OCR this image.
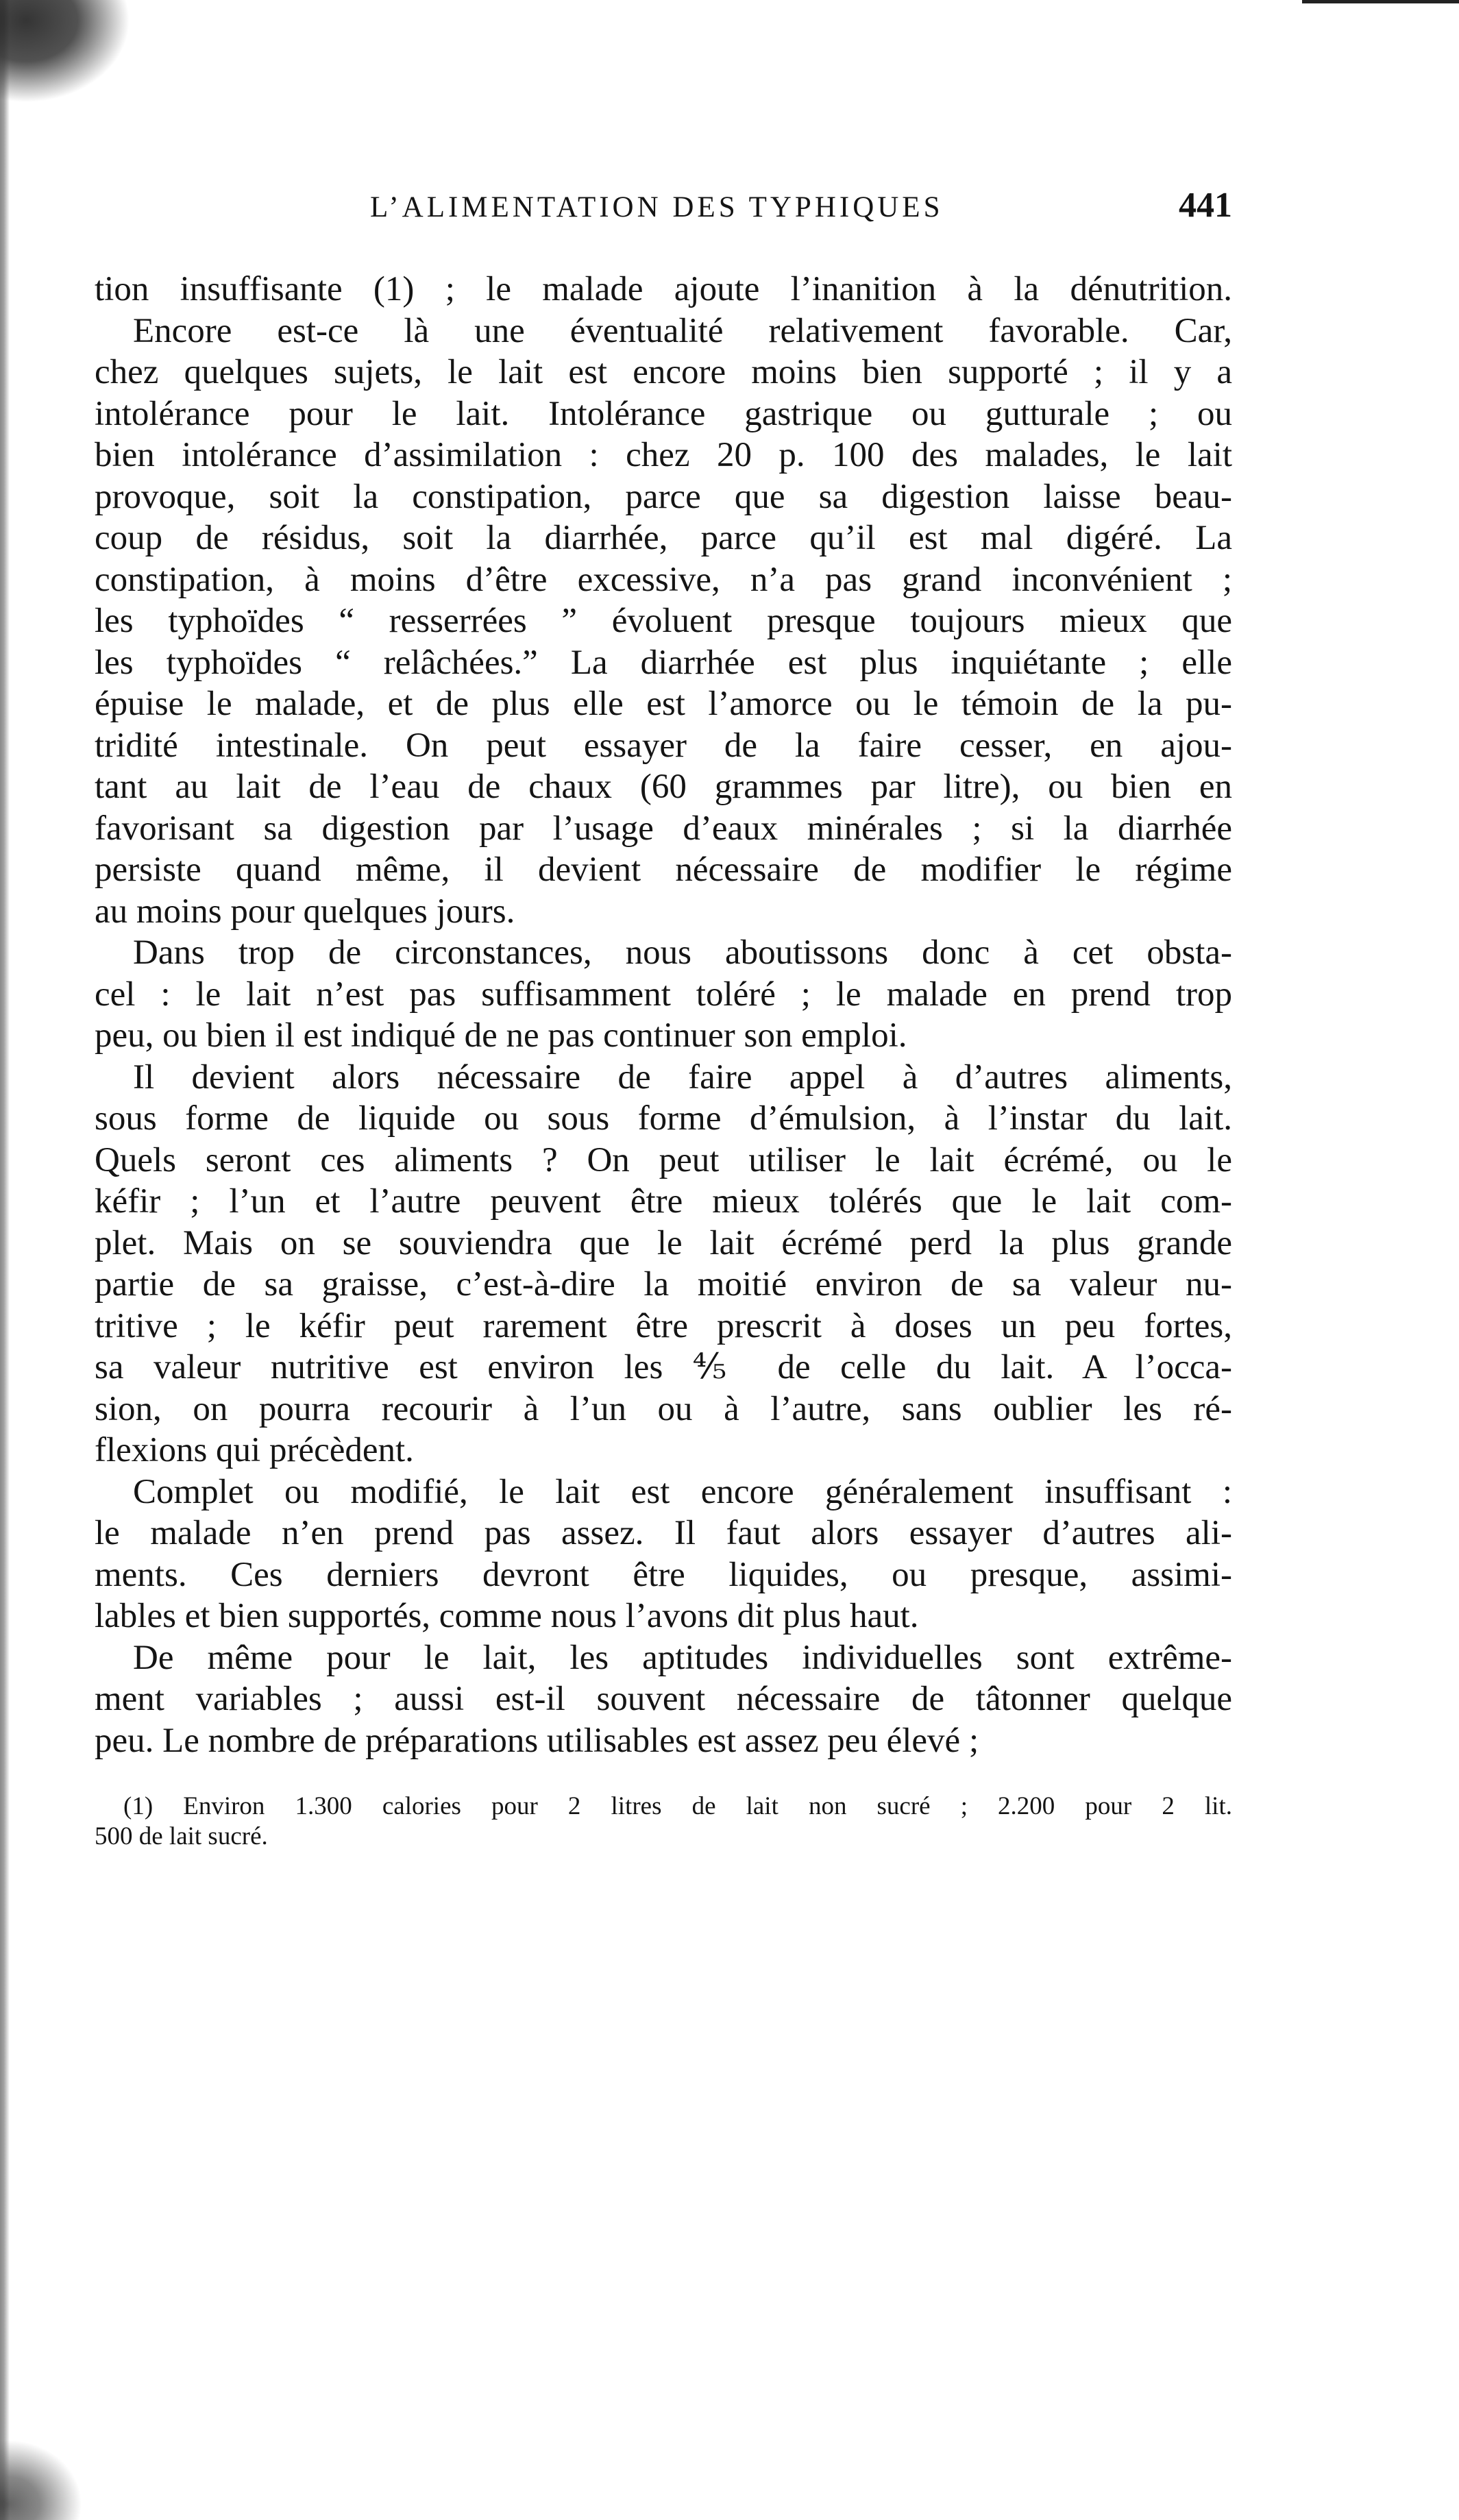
L’ALIMENTATION DES TYPHIQUES	441
tion insuffisante (1) ; le malade ajoute l’inanition à la dénutrition.
Encore est-ce là une éventualité relativement favorable. Car,
chez quelques sujets, le lait est encore moins bien supporté ; il y a
intolérance pour le lait. Intolérance gastrique ou gutturale ; ou
bien intolérance d’assimilation : chez 20 p. 100 des malades, le lait
provoque, soit la constipation, parce que sa digestion laisse beau-
coup de résidus, soit la diarrhée, parce qu’il est mal digéré. La
constipation, à moins d’être excessive, n’a pas grand inconvénient ;
les typhoïdes “ resserrées ” évoluent presque toujours mieux que
les typhoïdes “ relâchées.” La diarrhée est plus inquiétante ; elle
épuise le malade, et de plus elle est l’amorce ou le témoin de la pu-
tridité intestinale. On peut essayer de la faire cesser, en ajou-
tant au lait de l’eau de chaux (60 grammes par litre), ou bien en
favorisant sa digestion par l’usage d’eaux minérales ; si la diarrhée
persiste quand même, il devient nécessaire de modifier le régime
au moins pour quelques jours.
Dans trop de circonstances, nous aboutissons donc à cet obsta-
cel : le lait n’est pas suffisamment toléré ; le malade en prend trop
peu, ou bien il est indiqué de ne pas continuer son emploi.
Il devient alors nécessaire de faire appel à d’autres aliments,
sous forme de liquide ou sous forme d’émulsion, à l’instar du lait.
Quels seront ces aliments ? On peut utiliser le lait écrémé, ou le
kéfir ; l’un et l’autre peuvent être mieux tolérés que le lait com-
plet. Mais on se souviendra que le lait écrémé perd la plus grande
partie de sa graisse, c’est-à-dire la moitié environ de sa valeur nu-
tritive ; le kéfir peut rarement être prescrit à doses un peu fortes,
sa valeur nutritive est environ les ⅘ de celle du lait. A l’occa-
sion, on pourra recourir à l’un ou à l’autre, sans oublier les ré-
flexions qui précèdent.
Complet ou modifié, le lait est encore généralement insuffisant :
le malade n’en prend pas assez. Il faut alors essayer d’autres ali-
ments. Ces derniers devront être liquides, ou presque, assimi-
lables et bien supportés, comme nous l’avons dit plus haut.
De même pour le lait, les aptitudes individuelles sont extrême-
ment variables ; aussi est-il souvent nécessaire de tâtonner quelque
peu. Le nombre de préparations utilisables est assez peu élevé ;
(1) Environ 1.300 calories pour 2 litres de lait non sucré ; 2.200 pour 2 lit.
500 de lait sucré.
